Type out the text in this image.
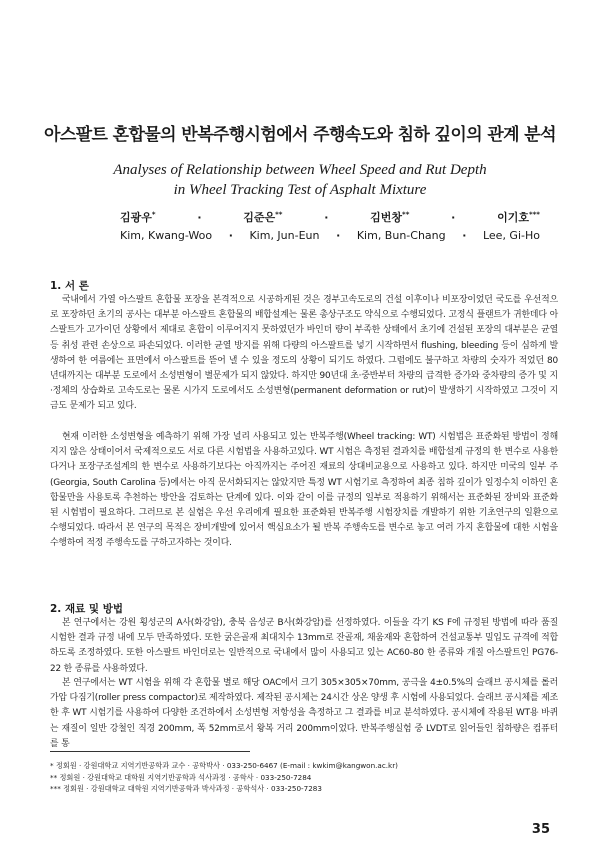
아스팔트 혼합물의 반복주행시험에서 주행속도와 침하 깊이의 관계 분석
Analyses of Relationship between Wheel Speed and Rut Depth
in Wheel Tracking Test of Asphalt Mixture
김광우*	·	김준은**	·	김번창**	·	이기호***
Kim, Kwang-Woo · Kim, Jun-Eun · Kim, Bun-Chang · Lee, Gi-Ho
1. 서 론

국내에서 가열 아스팔트 혼합물 포장을 본격적으로 시공하게된 것은 경부고속도로의 건설 이후이나 비포장이었던 국도를 우선적으로 포장하던 초기의 공사는 대부분 아스팔트 혼합물의 배합설계는 물론 총상구조도 약식으로 수행되었다. 고정식 플랜트가 귀한데다 아스팔트가 고가이던 상황에서 제대로 혼합이 이루어지지 못하였던가 바인더 량이 부족한 상태에서 초기에 건설된 포장의 대부분은 균열 등 취성 관련 손상으로 파손되었다. 이러한 균열 방지를 위해 다량의 아스팔트를 넣기 시작하면서 flushing, bleeding 등이 심하게 발생하여 한 여름에는 표면에서 아스팔트를 뜯어 낼 수 있을 정도의 상황이 되기도 하였다. 그럼에도 불구하고 차량의 숫자가 적었던 80년대까지는 대부분 도로에서 소성변형이 별문제가 되지 않았다. 하지만 90년대 초·중반부터 차량의 급격한 증가와 중차량의 증가 및 지·정체의 상습화로 고속도로는 물론 시가지 도로에서도 소성변형(permanent deformation or rut)이 발생하기 시작하였고 그것이 지금도 문제가 되고 있다.

현재 이러한 소성변형을 예측하기 위해 가장 널리 사용되고 있는 반복주행(Wheel tracking: WT) 시험법은 표준화된 방법이 정해지지 않은 상태이어서 국제적으로도 서로 다른 시험법을 사용하고있다. WT 시험은 측정된 결과치를 배합설계 규정의 한 변수로 사용한다거나 포장구조설계의 한 변수로 사용하기보다는 아직까지는 주어진 재료의 상대비교용으로 사용하고 있다. 하지만 미국의 일부 주(Georgia, South Carolina 등)에서는 아직 문서화되지는 않았지만 특정 WT 시험기로 측정하여 최종 침하 깊이가 일정수치 이하인 혼합물만을 사용토록 추천하는 방안을 검토하는 단계에 있다. 이와 같이 이를 규정의 일부로 적용하기 위해서는 표준화된 장비와 표준화된 시험법이 필요하다. 그러므로 본 실험은 우선 우리에게 필요한 표준화된 반복주행 시험장치를 개발하기 위한 기초연구의 일환으로 수행되었다. 따라서 본 연구의 목적은 장비개발에 있어서 핵심요소가 될 반복 주행속도를 변수로 놓고 여러 가지 혼합물에 대한 시험을 수행하여 적정 주행속도를 구하고자하는 것이다.

2. 재료 및 방법

본 연구에서는 강원 횡성군의 A사(화강암), 충북 음성군 B사(화강암)를 선정하였다. 이들을 각기 KS F에 규정된 방법에 따라 품질 시험한 결과 규정 내에 모두 만족하였다. 또한 굵은골재 최대치수 13mm로 잔골재, 채움재와 혼합하여 건설교통부 밀입도 규격에 적합하도록 조정하였다. 또한 아스팔트 바인더로는 일반적으로 국내에서 많이 사용되고 있는 AC60-80 한 종류와 개질 아스팔트인 PG76-22 한 종류를 사용하였다.

본 연구에서는 WT 시험을 위해 각 혼합물 별로 해당 OAC에서 크기 305×305×70mm, 공극을 4±0.5%의 슬래브 공시체를 롤러 가압 다짐기(roller press compactor)로 제작하였다. 제작된 공시체는 24시간 상온 양생 후 시험에 사용되었다. 슬래브 공시체를 제조한 후 WT 시험기를 사용하여 다양한 조건하에서 소성변형 저항성을 측정하고 그 결과를 비교 분석하였다. 공시체에 작용된 WT용 바퀴는 재질이 일반 강철인 직경 200mm, 폭 52mm로서 왕복 거리 200mm이었다. 반복주행실험 중 LVDT로 읽어들인 침하량은 컴퓨터를 통

* 정회원 · 강원대학교 지역기반공학과 교수 · 공학박사 · 033-250-6467 (E-mail : kwkim@kangwon.ac.kr)
** 정회원 · 강원대학교 대학원 지역기반공학과 석사과정 · 공학사 · 033-250-7284
*** 정회원 · 강원대학교 대학원 지역기반공학과 박사과정 · 공학석사 · 033-250-7283
35
